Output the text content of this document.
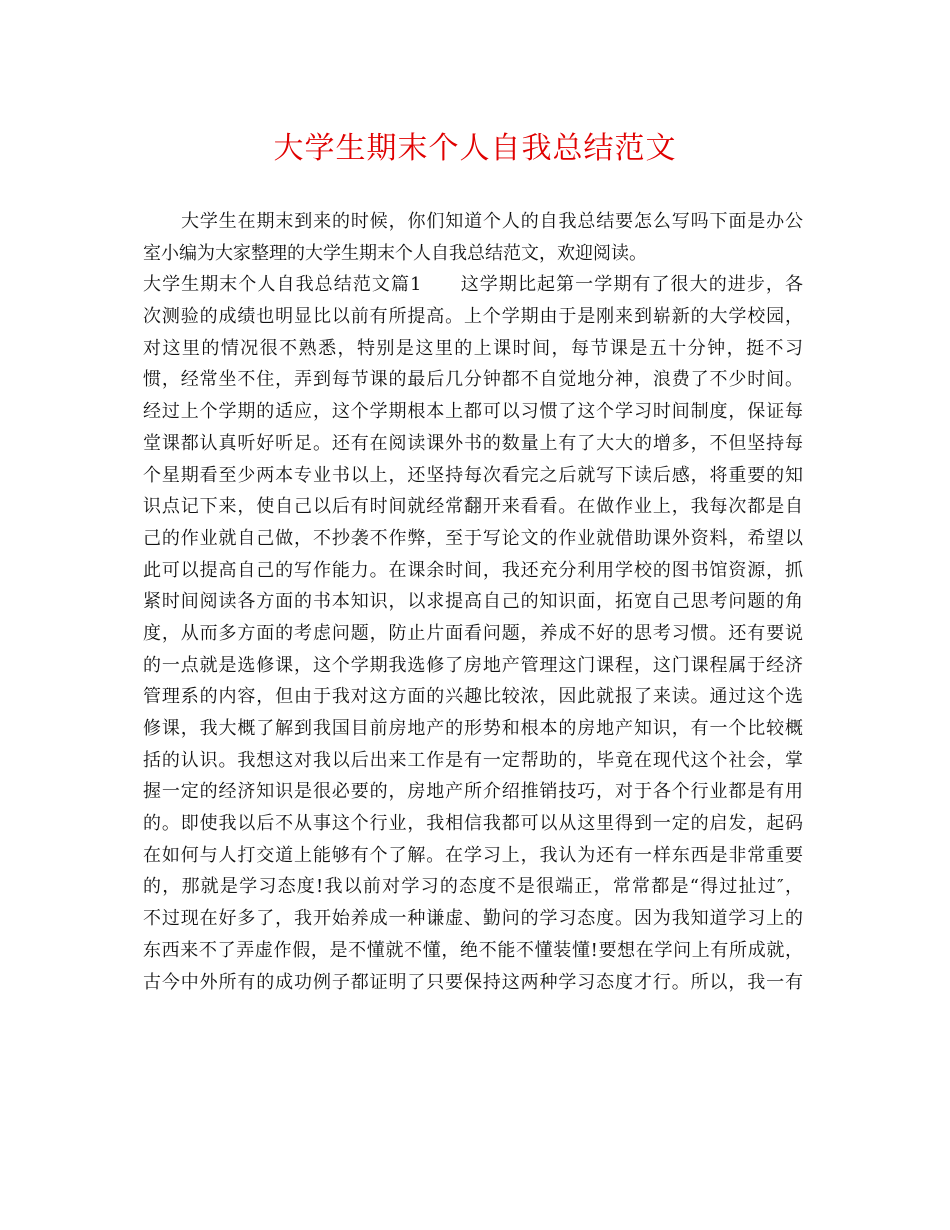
大学生期末个人自我总结范文
大学生在期末到来的时候，你们知道个人的自我总结要怎么写吗下面是办公
室小编为大家整理的大学生期末个人自我总结范文，欢迎阅读。
大学生期末个人自我总结范文篇1　　这学期比起第一学期有了很大的进步，各
次测验的成绩也明显比以前有所提高。上个学期由于是刚来到崭新的大学校园，
对这里的情况很不熟悉，特别是这里的上课时间，每节课是五十分钟，挺不习
惯，经常坐不住，弄到每节课的最后几分钟都不自觉地分神，浪费了不少时间。
经过上个学期的适应，这个学期根本上都可以习惯了这个学习时间制度，保证每
堂课都认真听好听足。还有在阅读课外书的数量上有了大大的增多，不但坚持每
个星期看至少两本专业书以上，还坚持每次看完之后就写下读后感，将重要的知
识点记下来，使自己以后有时间就经常翻开来看看。在做作业上，我每次都是自
己的作业就自己做，不抄袭不作弊，至于写论文的作业就借助课外资料，希望以
此可以提高自己的写作能力。在课余时间，我还充分利用学校的图书馆资源，抓
紧时间阅读各方面的书本知识，以求提高自己的知识面，拓宽自己思考问题的角
度，从而多方面的考虑问题，防止片面看问题，养成不好的思考习惯。还有要说
的一点就是选修课，这个学期我选修了房地产管理这门课程，这门课程属于经济
管理系的内容，但由于我对这方面的兴趣比较浓，因此就报了来读。通过这个选
修课，我大概了解到我国目前房地产的形势和根本的房地产知识，有一个比较概
括的认识。我想这对我以后出来工作是有一定帮助的，毕竟在现代这个社会，掌
握一定的经济知识是很必要的，房地产所介绍推销技巧，对于各个行业都是有用
的。即使我以后不从事这个行业，我相信我都可以从这里得到一定的启发，起码
在如何与人打交道上能够有个了解。在学习上，我认为还有一样东西是非常重要
的，那就是学习态度!我以前对学习的态度不是很端正，常常都是“得过扯过″，
不过现在好多了，我开始养成一种谦虚、勤问的学习态度。因为我知道学习上的
东西来不了弄虚作假，是不懂就不懂，绝不能不懂装懂!要想在学问上有所成就，
古今中外所有的成功例子都证明了只要保持这两种学习态度才行。所以，我一有
